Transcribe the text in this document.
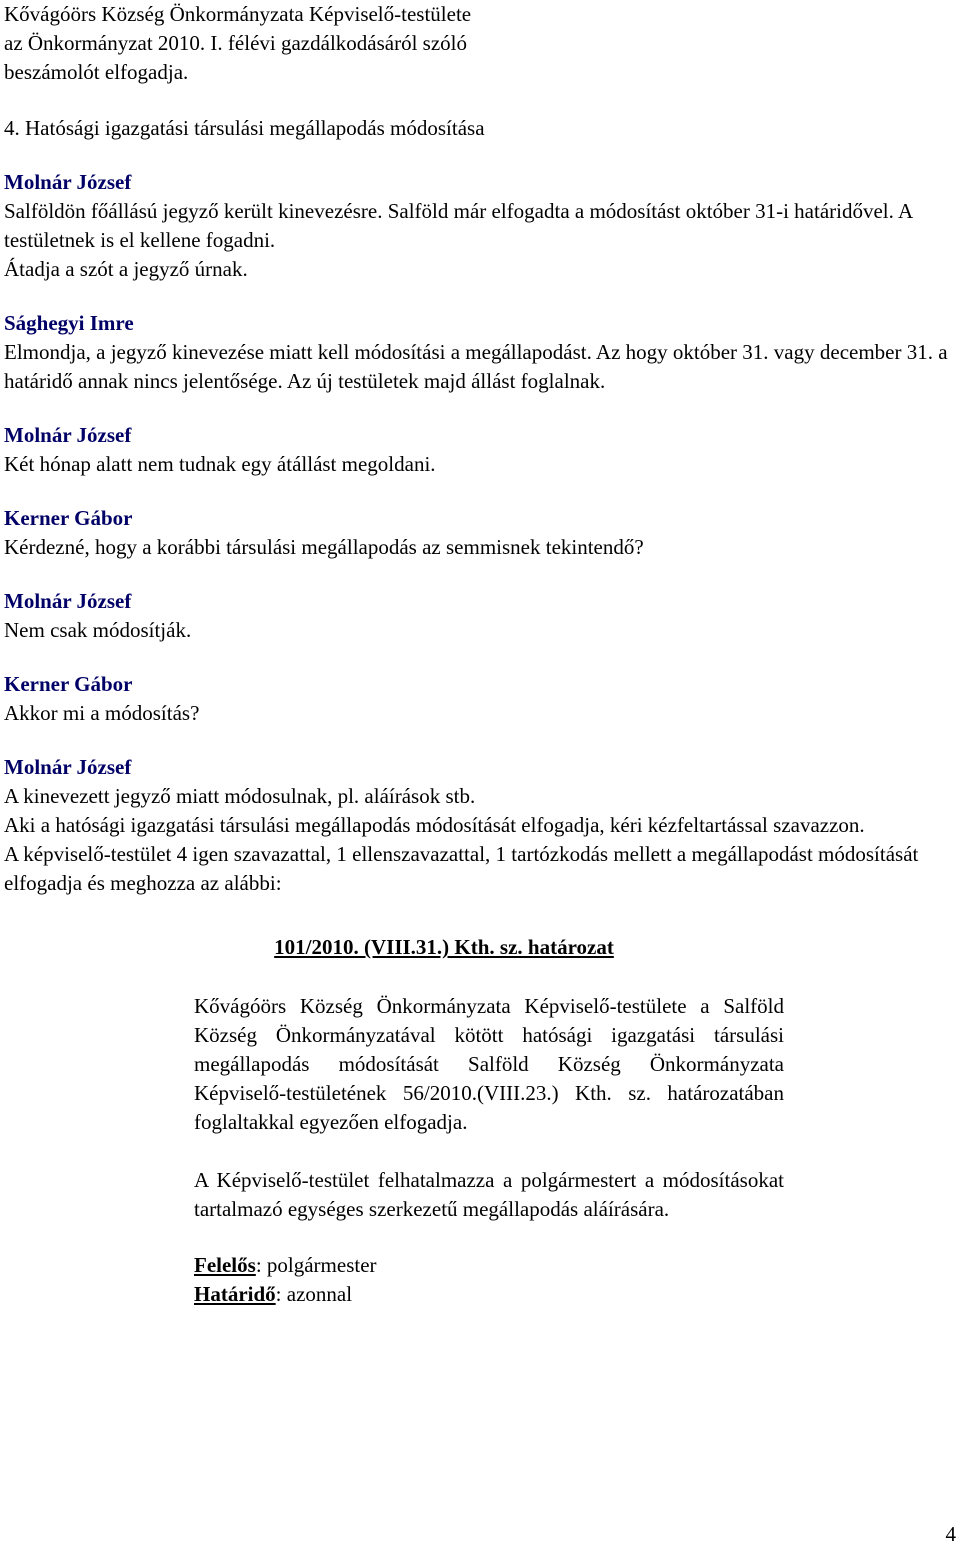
Kővágóörs Község Önkormányzata Képviselő-testülete

az Önkormányzat 2010. I. félévi gazdálkodásáról szóló

beszámolót elfogadja.

4. Hatósági igazgatási társulási megállapodás módosítása

Molnár József

Salföldön főállású jegyző került kinevezésre. Salföld már elfogadta a módosítást október 31-i határidővel. A testületnek is el kellene fogadni.
Átadja a szót a jegyző úrnak.

Sághegyi Imre

Elmondja, a jegyző kinevezése miatt kell módosítási a megállapodást. Az hogy október 31. vagy december 31. a határidő annak nincs jelentősége. Az új testületek majd állást foglalnak.

Molnár József

Két hónap alatt nem tudnak egy átállást megoldani.

Kerner Gábor

Kérdezné, hogy a korábbi társulási megállapodás az semmisnek tekintendő?

Molnár József

Nem csak módosítják.

Kerner Gábor

Akkor mi a módosítás?

Molnár József

A kinevezett jegyző miatt módosulnak, pl. aláírások stb.
Aki a hatósági igazgatási társulási megállapodás módosítását elfogadja, kéri kézfeltartással szavazzon.
A képviselő-testület 4 igen szavazattal, 1 ellenszavazattal, 1 tartózkodás mellett a megállapodást módosítását elfogadja és meghozza az alábbi:

101/2010. (VIII.31.) Kth. sz. határozat

Kővágóörs Község Önkormányzata Képviselő-testülete a Salföld Község Önkormányzatával kötött hatósági igazgatási társulási megállapodás módosítását Salföld Község Önkormányzata Képviselő-testületének 56/2010.(VIII.23.) Kth. sz. határozatában foglaltakkal egyezően elfogadja.

A Képviselő-testület felhatalmazza a polgármestert a módosításokat tartalmazó egységes szerkezetű megállapodás aláírására.

Felelős: polgármester

Határidő: azonnal

4
